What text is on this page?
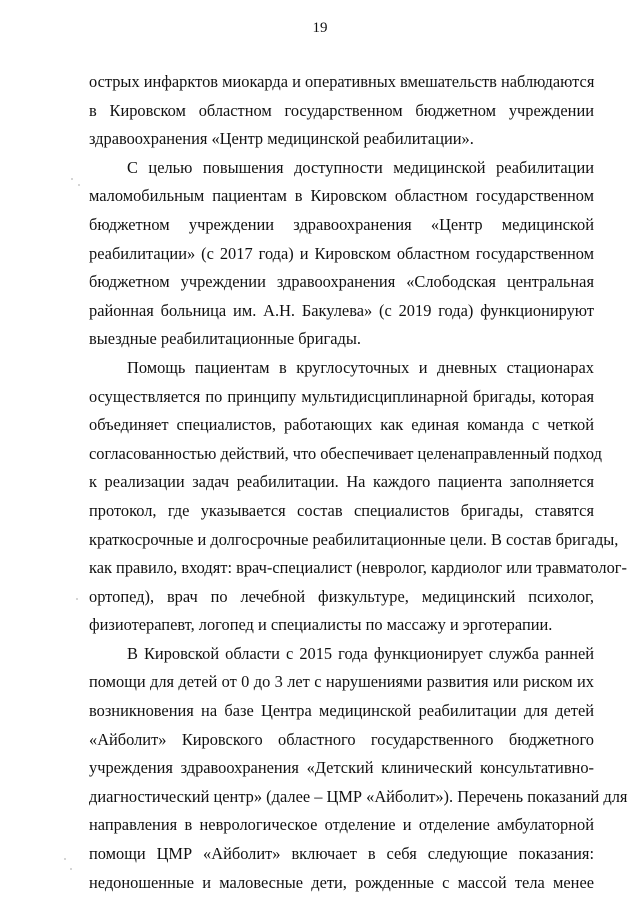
19

острых инфарктов миокарда и оперативных вмешательств наблюдаются
в Кировском областном государственном бюджетном учреждении
здравоохранения «Центр медицинской реабилитации».

С целью повышения доступности медицинской реабилитации
маломобильным пациентам в Кировском областном государственном
бюджетном учреждении здравоохранения «Центр медицинской
реабилитации» (с 2017 года) и Кировском областном государственном
бюджетном учреждении здравоохранения «Слободская центральная
районная больница им. А.Н. Бакулева» (с 2019 года) функционируют
выездные реабилитационные бригады.

Помощь пациентам в круглосуточных и дневных стационарах
осуществляется по принципу мультидисциплинарной бригады, которая
объединяет специалистов, работающих как единая команда с четкой
согласованностью действий, что обеспечивает целенаправленный подход
к реализации задач реабилитации. На каждого пациента заполняется
протокол, где указывается состав специалистов бригады, ставятся
краткосрочные и долгосрочные реабилитационные цели. В состав бригады,
как правило, входят: врач-специалист (невролог, кардиолог или травматолог-
ортопед), врач по лечебной физкультуре, медицинский психолог,
физиотерапевт, логопед и специалисты по массажу и эрготерапии.

В Кировской области с 2015 года функционирует служба ранней
помощи для детей от 0 до 3 лет с нарушениями развития или риском их
возникновения на базе Центра медицинской реабилитации для детей
«Айболит» Кировского областного государственного бюджетного
учреждения здравоохранения «Детский клинический консультативно-
диагностический центр» (далее – ЦМР «Айболит»). Перечень показаний для
направления в неврологическое отделение и отделение амбулаторной
помощи ЦМР «Айболит» включает в себя следующие показания:
недоношенные и маловесные дети, рожденные с массой тела менее
